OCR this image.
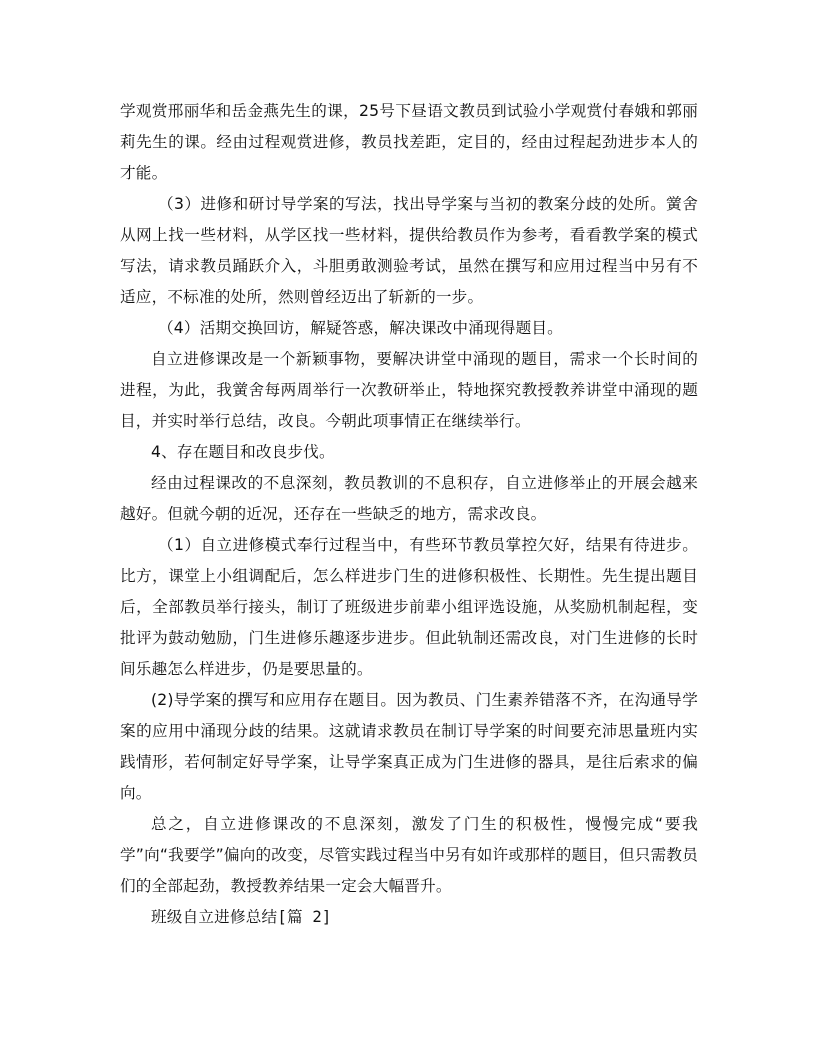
学观赏邢丽华和岳金燕先生的课，25号下昼语文教员到试验小学观赏付春娥和郭丽莉先生的课。经由过程观赏进修，教员找差距，定目的，经由过程起劲进步本人的才能。

（3）进修和研讨导学案的写法，找出导学案与当初的教案分歧的处所。黉舍从网上找一些材料，从学区找一些材料，提供给教员作为参考，看看教学案的模式写法，请求教员踊跃介入，斗胆勇敢测验考试，虽然在撰写和应用过程当中另有不适应，不标准的处所，然则曾经迈出了斩新的一步。

（4）活期交换回访，解疑答惑，解决课改中涌现得题目。

自立进修课改是一个新颖事物，要解决讲堂中涌现的题目，需求一个长时间的进程，为此，我黉舍每两周举行一次教研举止，特地探究教授教养讲堂中涌现的题目，并实时举行总结，改良。今朝此项事情正在继续举行。

4、存在题目和改良步伐。

经由过程课改的不息深刻，教员教训的不息积存，自立进修举止的开展会越来越好。但就今朝的近况，还存在一些缺乏的地方，需求改良。

（1）自立进修模式奉行过程当中，有些环节教员掌控欠好，结果有待进步。比方，课堂上小组调配后，怎么样进步门生的进修积极性、长期性。先生提出题目后，全部教员举行接头，制订了班级进步前辈小组评选设施，从奖励机制起程，变批评为鼓动勉励，门生进修乐趣逐步进步。但此轨制还需改良，对门生进修的长时间乐趣怎么样进步，仍是要思量的。

(2)导学案的撰写和应用存在题目。因为教员、门生素养错落不齐，在沟通导学案的应用中涌现分歧的结果。这就请求教员在制订导学案的时间要充沛思量班内实践情形，若何制定好导学案，让导学案真正成为门生进修的器具，是往后索求的偏向。

总之，自立进修课改的不息深刻，激发了门生的积极性，慢慢完成“要我学”向“我要学”偏向的改变，尽管实践过程当中另有如许或那样的题目，但只需教员们的全部起劲，教授教养结果一定会大幅晋升。

班级自立进修总结[篇 2]
